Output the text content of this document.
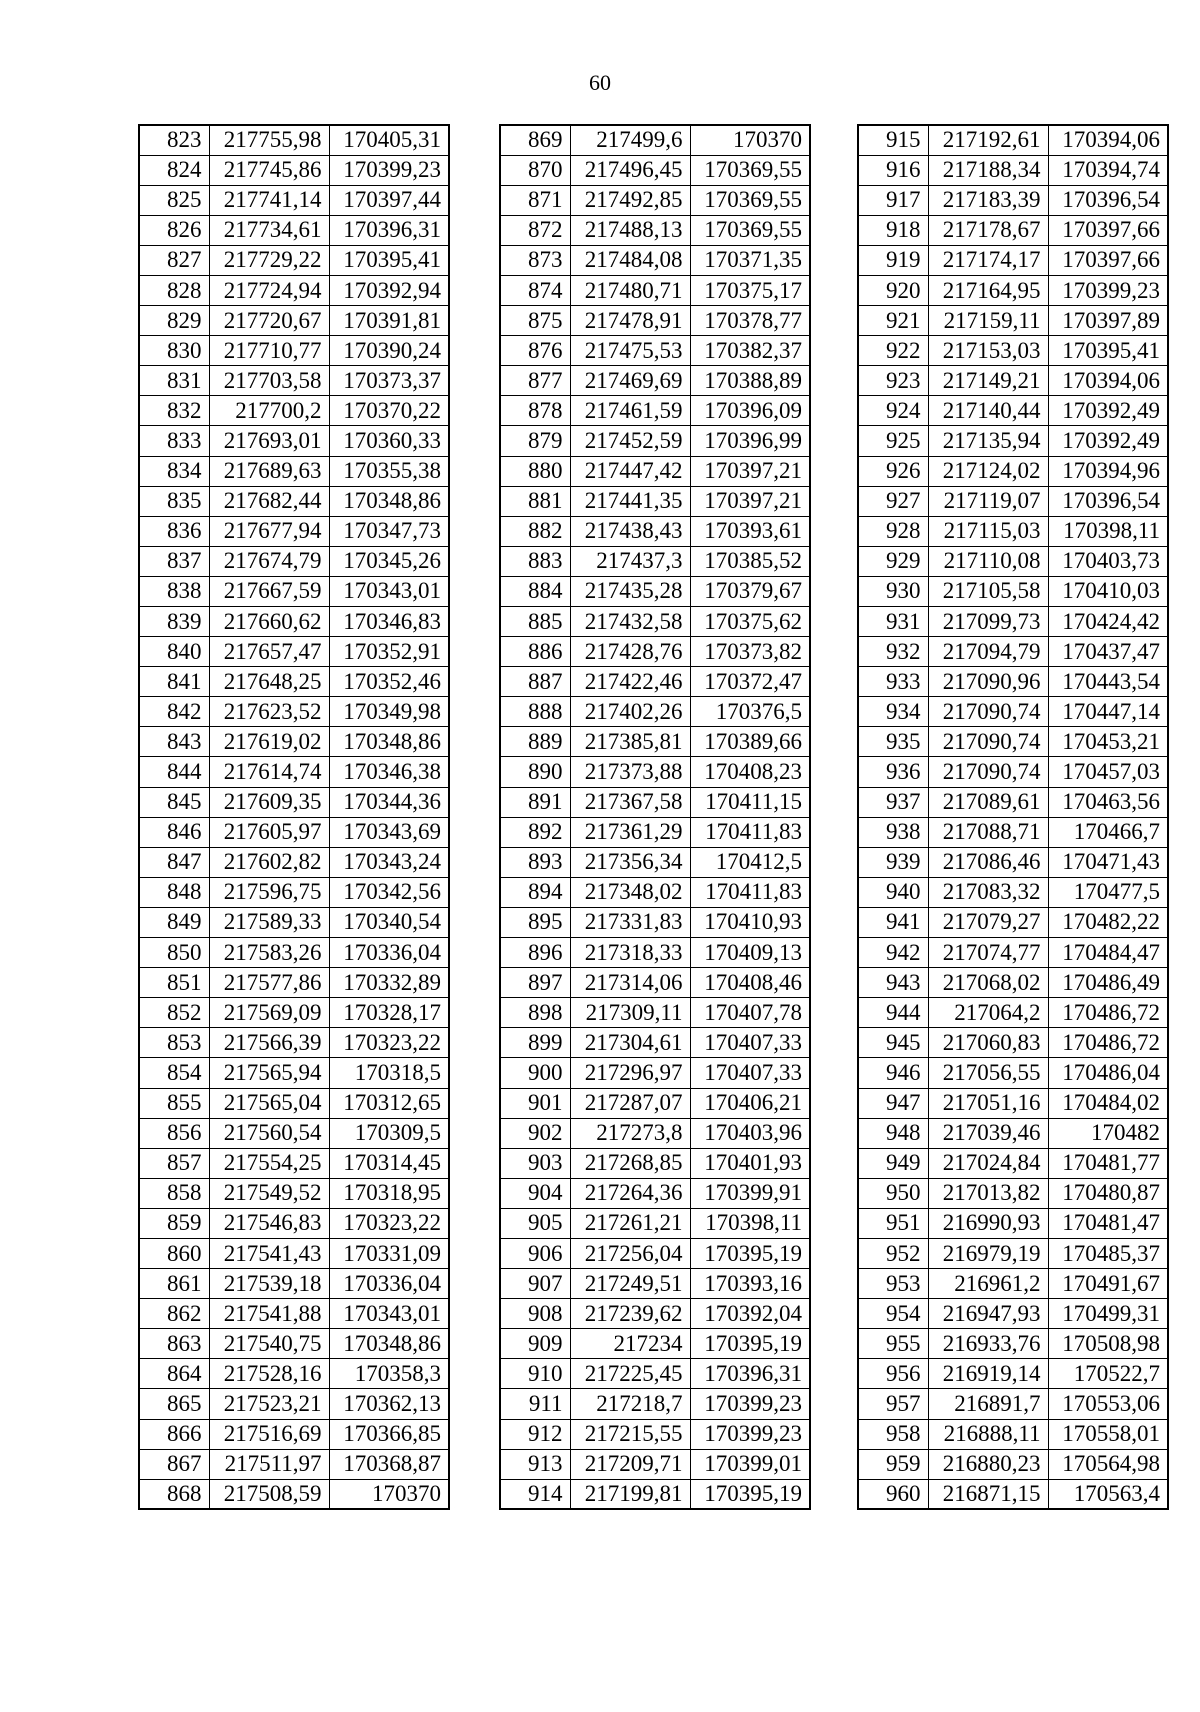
60
823	217755,98	170405,31
824	217745,86	170399,23
825	217741,14	170397,44
826	217734,61	170396,31
827	217729,22	170395,41
828	217724,94	170392,94
829	217720,67	170391,81
830	217710,77	170390,24
831	217703,58	170373,37
832	217700,2	170370,22
833	217693,01	170360,33
834	217689,63	170355,38
835	217682,44	170348,86
836	217677,94	170347,73
837	217674,79	170345,26
838	217667,59	170343,01
839	217660,62	170346,83
840	217657,47	170352,91
841	217648,25	170352,46
842	217623,52	170349,98
843	217619,02	170348,86
844	217614,74	170346,38
845	217609,35	170344,36
846	217605,97	170343,69
847	217602,82	170343,24
848	217596,75	170342,56
849	217589,33	170340,54
850	217583,26	170336,04
851	217577,86	170332,89
852	217569,09	170328,17
853	217566,39	170323,22
854	217565,94	170318,5
855	217565,04	170312,65
856	217560,54	170309,5
857	217554,25	170314,45
858	217549,52	170318,95
859	217546,83	170323,22
860	217541,43	170331,09
861	217539,18	170336,04
862	217541,88	170343,01
863	217540,75	170348,86
864	217528,16	170358,3
865	217523,21	170362,13
866	217516,69	170366,85
867	217511,97	170368,87
868	217508,59	170370
869	217499,6	170370
870	217496,45	170369,55
871	217492,85	170369,55
872	217488,13	170369,55
873	217484,08	170371,35
874	217480,71	170375,17
875	217478,91	170378,77
876	217475,53	170382,37
877	217469,69	170388,89
878	217461,59	170396,09
879	217452,59	170396,99
880	217447,42	170397,21
881	217441,35	170397,21
882	217438,43	170393,61
883	217437,3	170385,52
884	217435,28	170379,67
885	217432,58	170375,62
886	217428,76	170373,82
887	217422,46	170372,47
888	217402,26	170376,5
889	217385,81	170389,66
890	217373,88	170408,23
891	217367,58	170411,15
892	217361,29	170411,83
893	217356,34	170412,5
894	217348,02	170411,83
895	217331,83	170410,93
896	217318,33	170409,13
897	217314,06	170408,46
898	217309,11	170407,78
899	217304,61	170407,33
900	217296,97	170407,33
901	217287,07	170406,21
902	217273,8	170403,96
903	217268,85	170401,93
904	217264,36	170399,91
905	217261,21	170398,11
906	217256,04	170395,19
907	217249,51	170393,16
908	217239,62	170392,04
909	217234	170395,19
910	217225,45	170396,31
911	217218,7	170399,23
912	217215,55	170399,23
913	217209,71	170399,01
914	217199,81	170395,19
915	217192,61	170394,06
916	217188,34	170394,74
917	217183,39	170396,54
918	217178,67	170397,66
919	217174,17	170397,66
920	217164,95	170399,23
921	217159,11	170397,89
922	217153,03	170395,41
923	217149,21	170394,06
924	217140,44	170392,49
925	217135,94	170392,49
926	217124,02	170394,96
927	217119,07	170396,54
928	217115,03	170398,11
929	217110,08	170403,73
930	217105,58	170410,03
931	217099,73	170424,42
932	217094,79	170437,47
933	217090,96	170443,54
934	217090,74	170447,14
935	217090,74	170453,21
936	217090,74	170457,03
937	217089,61	170463,56
938	217088,71	170466,7
939	217086,46	170471,43
940	217083,32	170477,5
941	217079,27	170482,22
942	217074,77	170484,47
943	217068,02	170486,49
944	217064,2	170486,72
945	217060,83	170486,72
946	217056,55	170486,04
947	217051,16	170484,02
948	217039,46	170482
949	217024,84	170481,77
950	217013,82	170480,87
951	216990,93	170481,47
952	216979,19	170485,37
953	216961,2	170491,67
954	216947,93	170499,31
955	216933,76	170508,98
956	216919,14	170522,7
957	216891,7	170553,06
958	216888,11	170558,01
959	216880,23	170564,98
960	216871,15	170563,4
